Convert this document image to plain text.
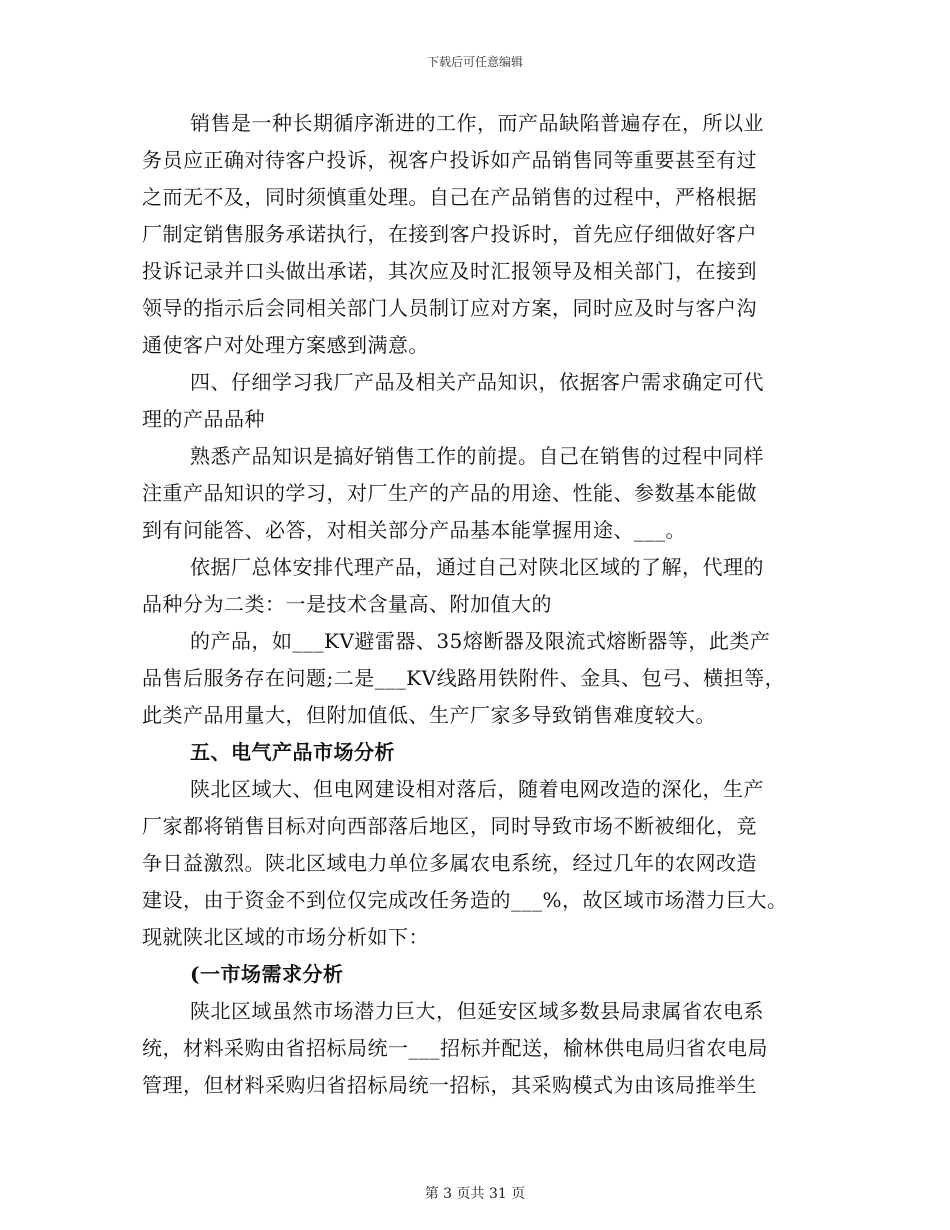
下载后可任意编辑
销售是一种长期循序渐进的工作，而产品缺陷普遍存在，所以业
务员应正确对待客户投诉，视客户投诉如产品销售同等重要甚至有过
之而无不及，同时须慎重处理。自己在产品销售的过程中，严格根据
厂制定销售服务承诺执行，在接到客户投诉时，首先应仔细做好客户
投诉记录并口头做出承诺，其次应及时汇报领导及相关部门，在接到
领导的指示后会同相关部门人员制订应对方案，同时应及时与客户沟
通使客户对处理方案感到满意。
四、仔细学习我厂产品及相关产品知识，依据客户需求确定可代
理的产品品种
熟悉产品知识是搞好销售工作的前提。自己在销售的过程中同样
注重产品知识的学习，对厂生产的产品的用途、性能、参数基本能做
到有问能答、必答，对相关部分产品基本能掌握用途、___。
依据厂总体安排代理产品，通过自己对陕北区域的了解，代理的
品种分为二类：一是技术含量高、附加值大的
的产品，如___KV避雷器、35熔断器及限流式熔断器等，此类产
品售后服务存在问题;二是___KV线路用铁附件、金具、包弓、横担等，
此类产品用量大，但附加值低、生产厂家多导致销售难度较大。
五、电气产品市场分析
陕北区域大、但电网建设相对落后，随着电网改造的深化，生产
厂家都将销售目标对向西部落后地区，同时导致市场不断被细化，竞
争日益激烈。陕北区域电力单位多属农电系统，经过几年的农网改造
建设，由于资金不到位仅完成改任务造的___%，故区域市场潜力巨大。
现就陕北区域的市场分析如下：
(一市场需求分析
陕北区域虽然市场潜力巨大，但延安区域多数县局隶属省农电系
统，材料采购由省招标局统一___招标并配送，榆林供电局归省农电局
管理，但材料采购归省招标局统一招标，其采购模式为由该局推举生
第 3 页共 31 页
